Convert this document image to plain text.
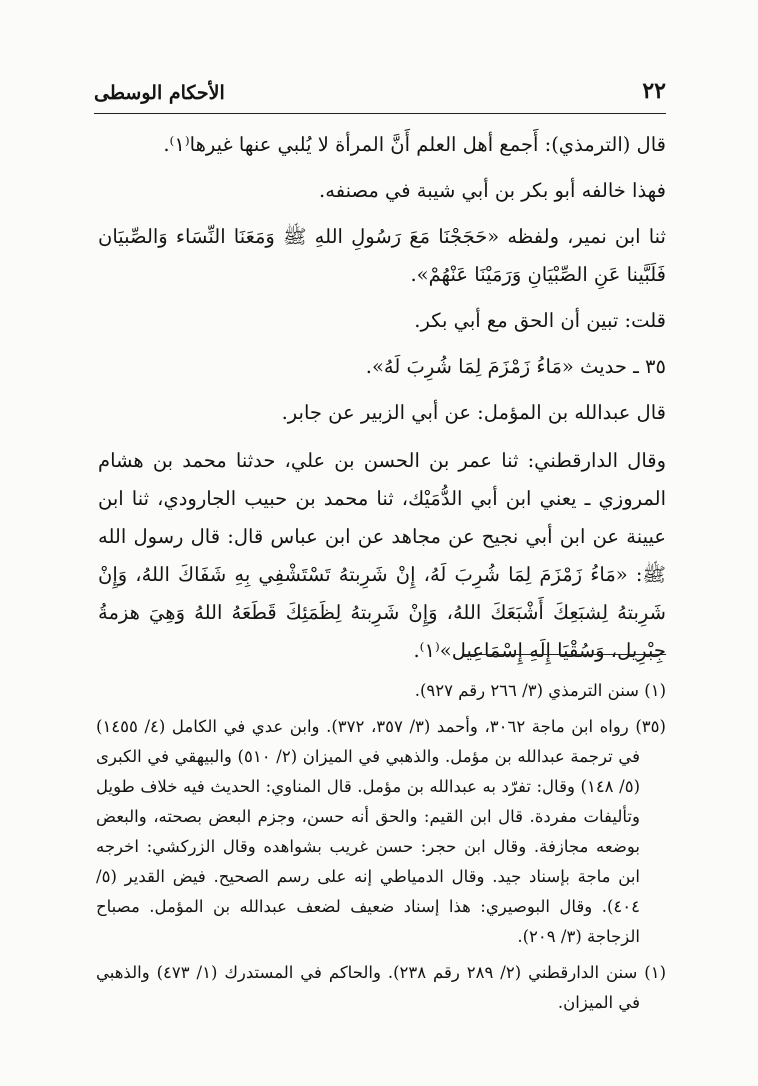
٢٢
الأحكام الوسطى

قال (الترمذي): أَجمع أهل العلم أَنَّ المرأة لا يُلبي عنها غيرها⁽١⁾.

فهذا خالفه أبو بكر بن أبي شيبة في مصنفه.

ثنا ابن نمير، ولفظه «حَجَجْنَا مَعَ رَسُولِ اللهِ ﷺ وَمَعَنَا النِّسَاء وَالصِّبيَان فَلَبَّينا عَنِ الصِّبْيَانِ وَرَمَيْنَا عَنْهُمْ».

قلت: تبين أن الحق مع أبي بكر.

٣٥ ـ حديث «مَاءُ زَمْزَمَ لِمَا شُرِبَ لَهُ».

قال عبدالله بن المؤمل: عن أبي الزبير عن جابر.

وقال الدارقطني: ثنا عمر بن الحسن بن علي، حدثنا محمد بن هشام المروزي ـ يعني ابن أبي الدُّمَيْك، ثنا محمد بن حبيب الجارودي، ثنا ابن عيينة عن ابن أبي نجيح عن مجاهد عن ابن عباس قال: قال رسول الله ﷺ: «مَاءُ زَمْزَمَ لِمَا شُرِبَ لَهُ، إِنْ شَرِبتهُ تَسْتَشْفِي بِهِ شَفَاكَ اللهُ، وَإِنْ شَرِبتهُ لِشبَعِكَ أَشْبَعَكَ اللهُ، وَإِنْ شَرِبتهُ لِظَمَئِكَ قَطَعَهُ اللهُ وَهِيَ هزمةُ جِبْرِيل، وَسُقْيَا إِلَهِ إِسْمَاعِيل»⁽١⁾.

(١) سنن الترمذي (٣/ ٢٦٦ رقم ٩٢٧).

(٣٥) رواه ابن ماجة ٣٠٦٢، وأحمد (٣/ ٣٥٧، ٣٧٢). وابن عدي في الكامل (٤/ ١٤٥٥) في ترجمة عبدالله بن مؤمل. والذهبي في الميزان (٢/ ٥١٠) والبيهقي في الكبرى (٥/ ١٤٨) وقال: تفرّد به عبدالله بن مؤمل. قال المناوي: الحديث فيه خلاف طويل وتأليفات مفردة. قال ابن القيم: والحق أنه حسن، وجزم البعض بصحته، والبعض بوضعه مجازفة. وقال ابن حجر: حسن غريب بشواهده وقال الزركشي: اخرجه ابن ماجة بإسناد جيد. وقال الدمياطي إنه على رسم الصحيح. فيض القدير (٥/ ٤٠٤). وقال البوصيري: هذا إسناد ضعيف لضعف عبدالله بن المؤمل. مصباح الزجاجة (٣/ ٢٠٩).

(١) سنن الدارقطني (٢/ ٢٨٩ رقم ٢٣٨). والحاكم في المستدرك (١/ ٤٧٣) والذهبي في الميزان.
